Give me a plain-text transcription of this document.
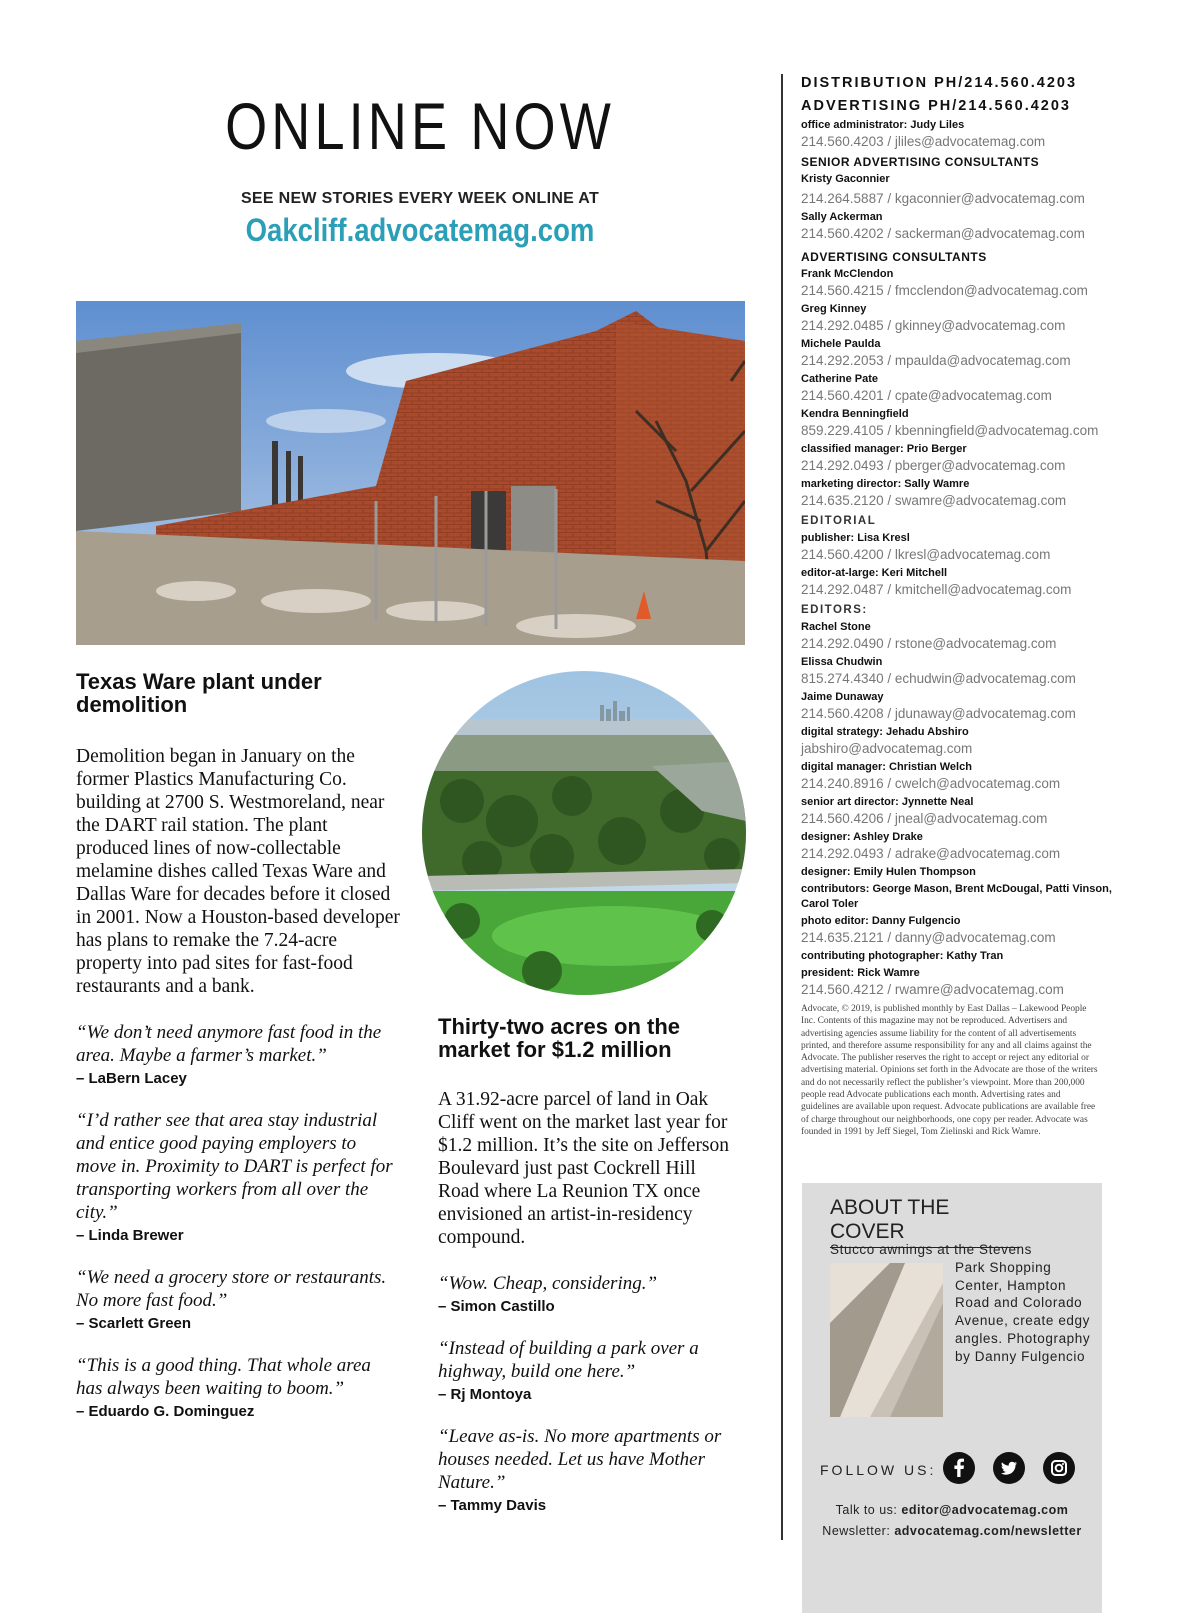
ONLINE NOW
SEE NEW STORIES EVERY WEEK ONLINE AT
Oakcliff.advocatemag.com
Texas Ware plant under demolition
Demolition began in January on the former Plastics Manufacturing Co. building at 2700 S. Westmoreland, near the DART rail station. The plant produced lines of now-collectable melamine dishes called Texas Ware and Dallas Ware for decades before it closed in 2001. Now a Houston-based developer has plans to remake the 7.24-acre property into pad sites for fast-food restaurants and a bank.
“We don’t need anymore fast food in the area. Maybe a farmer’s market.”
– LaBern Lacey
“I’d rather see that area stay industrial and entice good paying employers to move in. Proximity to DART is perfect for transporting workers from all over the city.”
– Linda Brewer
“We need a grocery store or restaurants. No more fast food.”
– Scarlett Green
“This is a good thing. That whole area has always been waiting to boom.”
– Eduardo G. Dominguez
Thirty-two acres on the market for $1.2 million
A 31.92-acre parcel of land in Oak Cliff went on the market last year for $1.2 million. It’s the site on Jefferson Boulevard just past Cockrell Hill Road where La Reunion TX once envisioned an artist-in-residency compound.
“Wow. Cheap, considering.”
– Simon Castillo
“Instead of building a park over a highway, build one here.”
– Rj Montoya
“Leave as-is. No more apartments or houses needed. Let us have Mother Nature.”
– Tammy Davis
DISTRIBUTION PH/214.560.4203
ADVERTISING PH/214.560.4203
office administrator: Judy Liles
214.560.4203 / jliles@advocatemag.com
SENIOR ADVERTISING CONSULTANTS
Kristy Gaconnier
214.264.5887 / kgaconnier@advocatemag.com
Sally Ackerman
214.560.4202 / sackerman@advocatemag.com
ADVERTISING CONSULTANTS
Frank McClendon
214.560.4215 / fmcclendon@advocatemag.com
Greg Kinney
214.292.0485 / gkinney@advocatemag.com
Michele Paulda
214.292.2053 / mpaulda@advocatemag.com
Catherine Pate
214.560.4201 / cpate@advocatemag.com
Kendra Benningfield
859.229.4105 / kbenningfield@advocatemag.com
classified manager: Prio Berger
214.292.0493 / pberger@advocatemag.com
marketing director: Sally Wamre
214.635.2120 / swamre@advocatemag.com
EDITORIAL
publisher: Lisa Kresl
214.560.4200 / lkresl@advocatemag.com
editor-at-large: Keri Mitchell
214.292.0487 / kmitchell@advocatemag.com
EDITORS:
Rachel Stone
214.292.0490 / rstone@advocatemag.com
Elissa Chudwin
815.274.4340 / echudwin@advocatemag.com
Jaime Dunaway
214.560.4208 / jdunaway@advocatemag.com
digital strategy: Jehadu Abshiro
jabshiro@advocatemag.com
digital manager: Christian Welch
214.240.8916 / cwelch@advocatemag.com
senior art director: Jynnette Neal
214.560.4206 / jneal@advocatemag.com
designer: Ashley Drake
214.292.0493 / adrake@advocatemag.com
designer: Emily Hulen Thompson
contributors: George Mason, Brent McDougal, Patti Vinson, Carol Toler
photo editor: Danny Fulgencio
214.635.2121 / danny@advocatemag.com
contributing photographer: Kathy Tran
president: Rick Wamre
214.560.4212 / rwamre@advocatemag.com
Advocate, © 2019, is published monthly by East Dallas – Lakewood People Inc. Contents of this magazine may not be reproduced. Advertisers and advertising agencies assume liability for the content of all advertisements printed, and therefore assume responsibility for any and all claims against the Advocate. The publisher reserves the right to accept or reject any editorial or advertising material. Opinions set forth in the Advocate are those of the writers and do not necessarily reflect the publisher’s viewpoint. More than 200,000 people read Advocate publications each month. Advertising rates and guidelines are available upon request. Advocate publications are available free of charge throughout our neighborhoods, one copy per reader. Advocate was founded in 1991 by Jeff Siegel, Tom Zielinski and Rick Wamre.
ABOUT THE COVER
Stucco awnings at the Stevens
Park Shopping Center, Hampton Road and Colorado Avenue, create edgy angles. Photography by Danny Fulgencio
FOLLOW US:
Talk to us: editor@advocatemag.com
Newsletter: advocatemag.com/newsletter
